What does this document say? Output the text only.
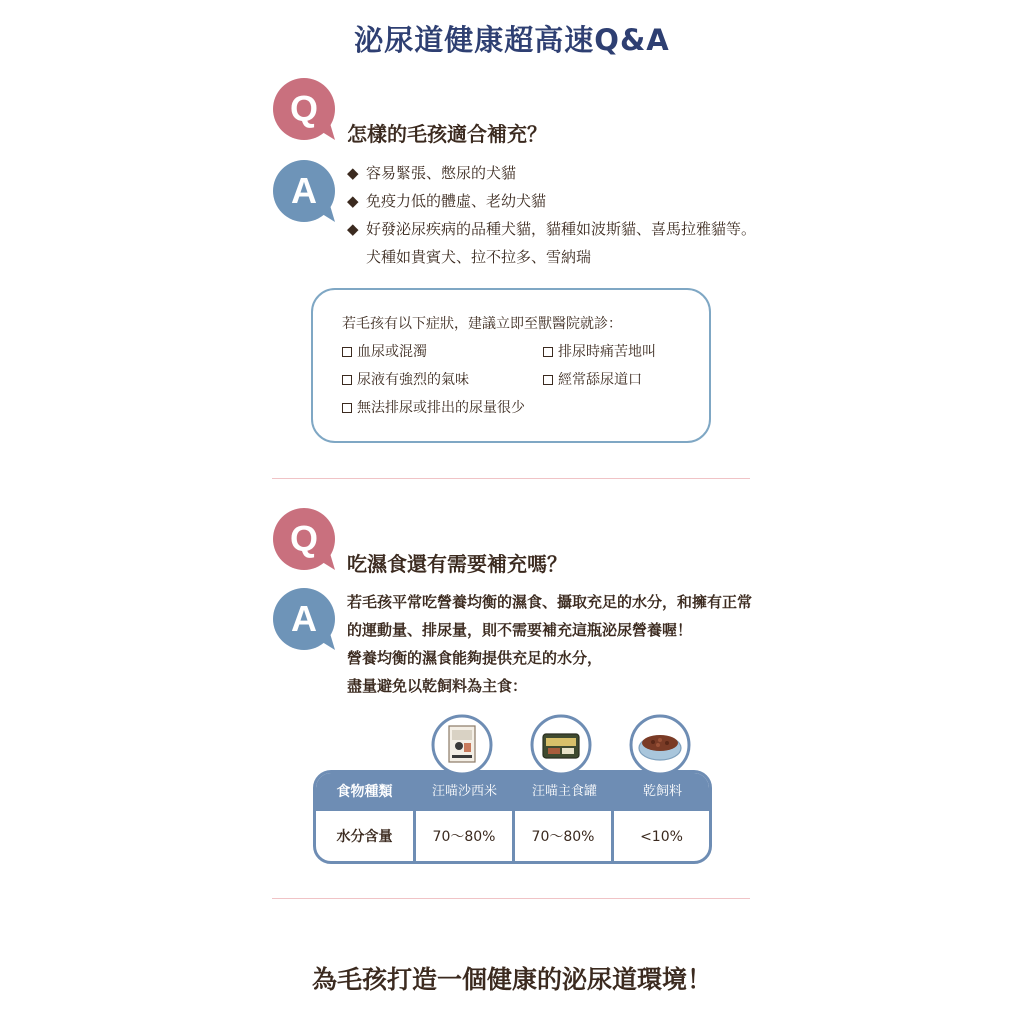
泌尿道健康超高速Q&A
Q
怎樣的毛孩適合補充？
A ◆ 容易緊張、憋尿的犬貓
◆ 免疫力低的體虛、老幼犬貓
◆ 好發泌尿疾病的品種犬貓，貓種如波斯貓、喜馬拉雅貓等。
犬種如貴賓犬、拉不拉多、雪納瑞
若毛孩有以下症狀，建議立即至獸醫院就診：
血尿或混濁	排尿時痛苦地叫
尿液有強烈的氣味	經常舔尿道口
無法排尿或排出的尿量很少
Q
吃濕食還有需要補充嗎？
A 若毛孩平常吃營養均衡的濕食、攝取充足的水分，和擁有正常
的運動量、排尿量，則不需要補充這瓶泌尿營養喔！
營養均衡的濕食能夠提供充足的水分，
盡量避免以乾飼料為主食：
食物種類	汪喵沙西米	汪喵主食罐	乾飼料
水分含量	70～80%	70～80%	<10%
為毛孩打造一個健康的泌尿道環境！
